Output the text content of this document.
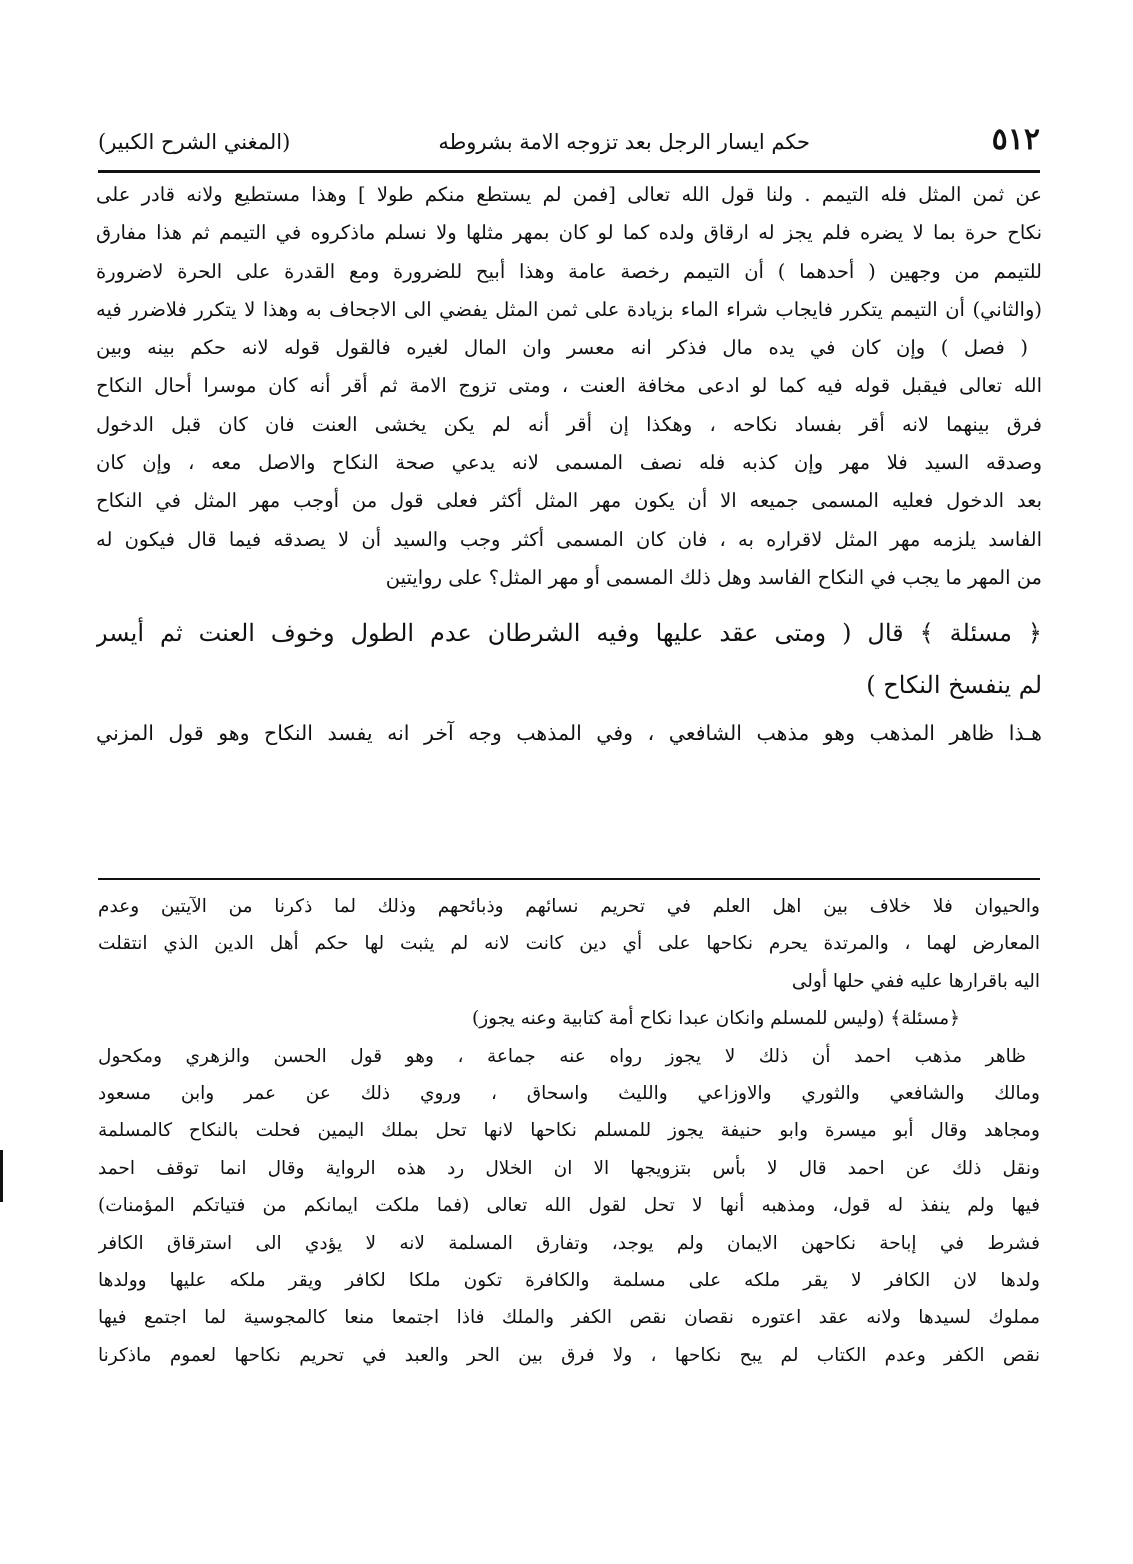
٥١٢
حكم ايسار الرجل بعد تزوجه الامة بشروطه
(المغني الشرح الكبير)
عن ثمن المثل فله التيمم . ولنا قول الله تعالى [فمن لم يستطع منكم طولا ] وهذا مستطيع ولانه قادر على
نكاح حرة بما لا يضره فلم يجز له ارقاق ولده كما لو كان بمهر مثلها ولا نسلم ماذكروه في التيمم ثم هذا مفارق
للتيمم من وجهين ( أحدهما ) أن التيمم رخصة عامة وهذا أبيح للضرورة ومع القدرة على الحرة لاضرورة
(والثاني) أن التيمم يتكرر فايجاب شراء الماء بزيادة على ثمن المثل يفضي الى الاجحاف به وهذا لا يتكرر فلاضرر فيه
( فصل ) وإن كان في يده مال فذكر انه معسر وان المال لغيره فالقول قوله لانه حكم بينه وبين
الله تعالى فيقبل قوله فيه كما لو ادعى مخافة العنت ، ومتى تزوج الامة ثم أقر أنه كان موسرا أحال النكاح
فرق بينهما لانه أقر بفساد نكاحه ، وهكذا إن أقر أنه لم يكن يخشى العنت فان كان قبل الدخول
وصدقه السيد فلا مهر وإن كذبه فله نصف المسمى لانه يدعي صحة النكاح والاصل معه ، وإن كان
بعد الدخول فعليه المسمى جميعه الا أن يكون مهر المثل أكثر فعلى قول من أوجب مهر المثل في النكاح
الفاسد يلزمه مهر المثل لاقراره به ، فان كان المسمى أكثر وجب والسيد أن لا يصدقه فيما قال فيكون له
من المهر ما يجب في النكاح الفاسد وهل ذلك المسمى أو مهر المثل؟ على روايتين
﴿ مسئلة ﴾ قال ( ومتى عقد عليها وفيه الشرطان عدم الطول وخوف العنت ثم أيسر
لم ينفسخ النكاح )
هـذا ظاهر المذهب وهو مذهب الشافعي ، وفي المذهب وجه آخر انه يفسد النكاح وهو قول المزني
والحيوان فلا خلاف بين اهل العلم في تحريم نسائهم وذبائحهم وذلك لما ذكرنا من الآيتين وعدم
المعارض لهما ، والمرتدة يحرم نكاحها على أي دين كانت لانه لم يثبت لها حكم أهل الدين الذي انتقلت
اليه باقرارها عليه ففي حلها أولى
﴿مسئلة﴾ (وليس للمسلم وانكان عبدا نكاح أمة كتابية وعنه يجوز)
ظاهر مذهب احمد أن ذلك لا يجوز رواه عنه جماعة ، وهو قول الحسن والزهري ومكحول
ومالك والشافعي والثوري والاوزاعي والليث واسحاق ، وروي ذلك عن عمر وابن مسعود
ومجاهد وقال أبو ميسرة وابو حنيفة يجوز للمسلم نكاحها لانها تحل بملك اليمين فحلت بالنكاح كالمسلمة
ونقل ذلك عن احمد قال لا بأس بتزويجها الا ان الخلال رد هذه الرواية وقال انما توقف احمد
فيها ولم ينفذ له قول، ومذهبه أنها لا تحل لقول الله تعالى (فما ملكت ايمانكم من فتياتكم المؤمنات)
فشرط في إباحة نكاحهن الايمان ولم يوجد، وتفارق المسلمة لانه لا يؤدي الى استرقاق الكافر
ولدها لان الكافر لا يقر ملكه على مسلمة والكافرة تكون ملكا لكافر ويقر ملكه عليها وولدها
مملوك لسيدها ولانه عقد اعتوره نقصان نقص الكفر والملك فاذا اجتمعا منعا كالمجوسية لما اجتمع فيها
نقص الكفر وعدم الكتاب لم يبح نكاحها ، ولا فرق بين الحر والعبد في تحريم نكاحها لعموم ماذكرنا
